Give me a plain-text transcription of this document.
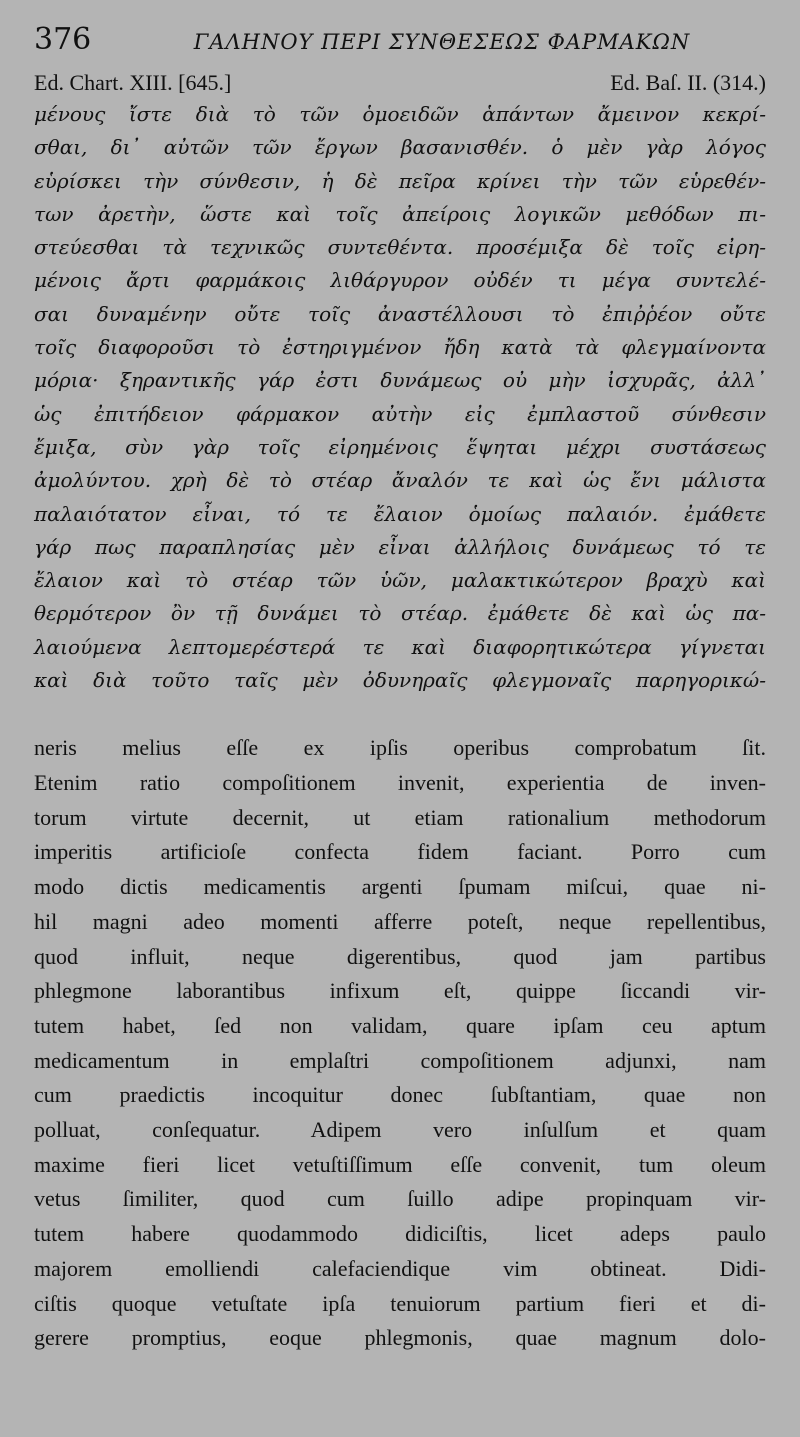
376	ΓΑΛΗΝΟΥ ΠΕΡΙ ΣΥΝΘΕΣΕΩΣ ΦΑΡΜΑΚΩΝ
Ed. Chart. XIII. [645.]	Ed. Baſ. II. (314.)
μένους ἴστε διὰ τὸ τῶν ὁμοειδῶν ἁπάντων ἄμεινον κεκρί-
σθαι, δι᾽ αὐτῶν τῶν ἔργων βασανισθέν. ὁ μὲν γὰρ λόγος
εὑρίσκει τὴν σύνθεσιν, ἡ δὲ πεῖρα κρίνει τὴν τῶν εὑρεθέν-
των ἀρετὴν, ὥστε καὶ τοῖς ἀπείροις λογικῶν μεθόδων πι-
στεύεσθαι τὰ τεχνικῶς συντεθέντα. προσέμιξα δὲ τοῖς εἰρη-
μένοις ἄρτι φαρμάκοις λιθάργυρον οὐδέν τι μέγα συντελέ-
σαι δυναμένην οὔτε τοῖς ἀναστέλλουσι τὸ ἐπιῤῥέον οὔτε
τοῖς διαφοροῦσι τὸ ἐστηριγμένον ἤδη κατὰ τὰ φλεγμαίνοντα
μόρια· ξηραντικῆς γάρ ἐστι δυνάμεως οὐ μὴν ἰσχυρᾶς, ἀλλ᾽
ὡς ἐπιτήδειον φάρμακον αὐτὴν εἰς ἐμπλαστοῦ σύνθεσιν
ἔμιξα, σὺν γὰρ τοῖς εἰρημένοις ἕψηται μέχρι συστάσεως
ἀμολύντου. χρὴ δὲ τὸ στέαρ ἄναλόν τε καὶ ὡς ἔνι μάλιστα
παλαιότατον εἶναι, τό τε ἔλαιον ὁμοίως παλαιόν. ἐμάθετε
γάρ πως παραπλησίας μὲν εἶναι ἀλλήλοις δυνάμεως τό τε
ἔλαιον καὶ τὸ στέαρ τῶν ὑῶν, μαλακτικώτερον βραχὺ καὶ
θερμότερον ὂν τῇ δυνάμει τὸ στέαρ. ἐμάθετε δὲ καὶ ὡς πα-
λαιούμενα λεπτομερέστερά τε καὶ διαφορητικώτερα γίγνεται
καὶ διὰ τοῦτο ταῖς μὲν ὀδυνηραῖς φλεγμοναῖς παρηγορικώ-
neris melius eſſe ex ipſis operibus comprobatum ſit.
Etenim ratio compoſitionem invenit, experientia de inven-
torum virtute decernit, ut etiam rationalium methodorum
imperitis artificioſe confecta fidem faciant. Porro cum
modo dictis medicamentis argenti ſpumam miſcui, quae ni-
hil magni adeo momenti afferre poteſt, neque repellentibus,
quod influit, neque digerentibus, quod jam partibus
phlegmone laborantibus infixum eſt, quippe ſiccandi vir-
tutem habet, ſed non validam, quare ipſam ceu aptum
medicamentum in emplaſtri compoſitionem adjunxi, nam
cum praedictis incoquitur donec ſubſtantiam, quae non
polluat, conſequatur. Adipem vero inſulſum et quam
maxime fieri licet vetuſtiſſimum eſſe convenit, tum oleum
vetus ſimiliter, quod cum ſuillo adipe propinquam vir-
tutem habere quodammodo didiciſtis, licet adeps paulo
majorem emolliendi calefaciendique vim obtineat. Didi-
ciſtis quoque vetuſtate ipſa tenuiorum partium fieri et di-
gerere promptius, eoque phlegmonis, quae magnum dolo-
